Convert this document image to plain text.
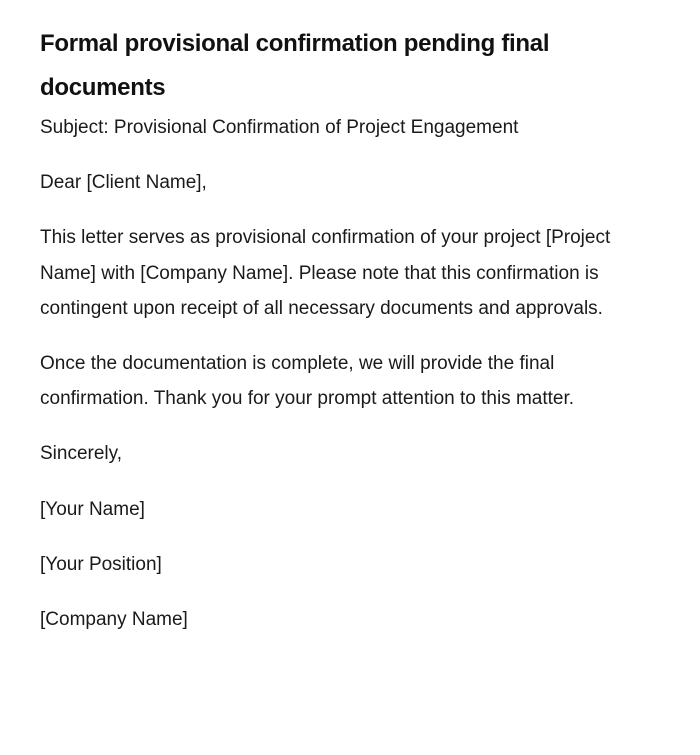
Formal provisional confirmation pending final documents

Subject: Provisional Confirmation of Project Engagement

Dear [Client Name],

This letter serves as provisional confirmation of your project [Project Name] with [Company Name]. Please note that this confirmation is contingent upon receipt of all necessary documents and approvals.

Once the documentation is complete, we will provide the final confirmation. Thank you for your prompt attention to this matter.

Sincerely,

[Your Name]

[Your Position]

[Company Name]
